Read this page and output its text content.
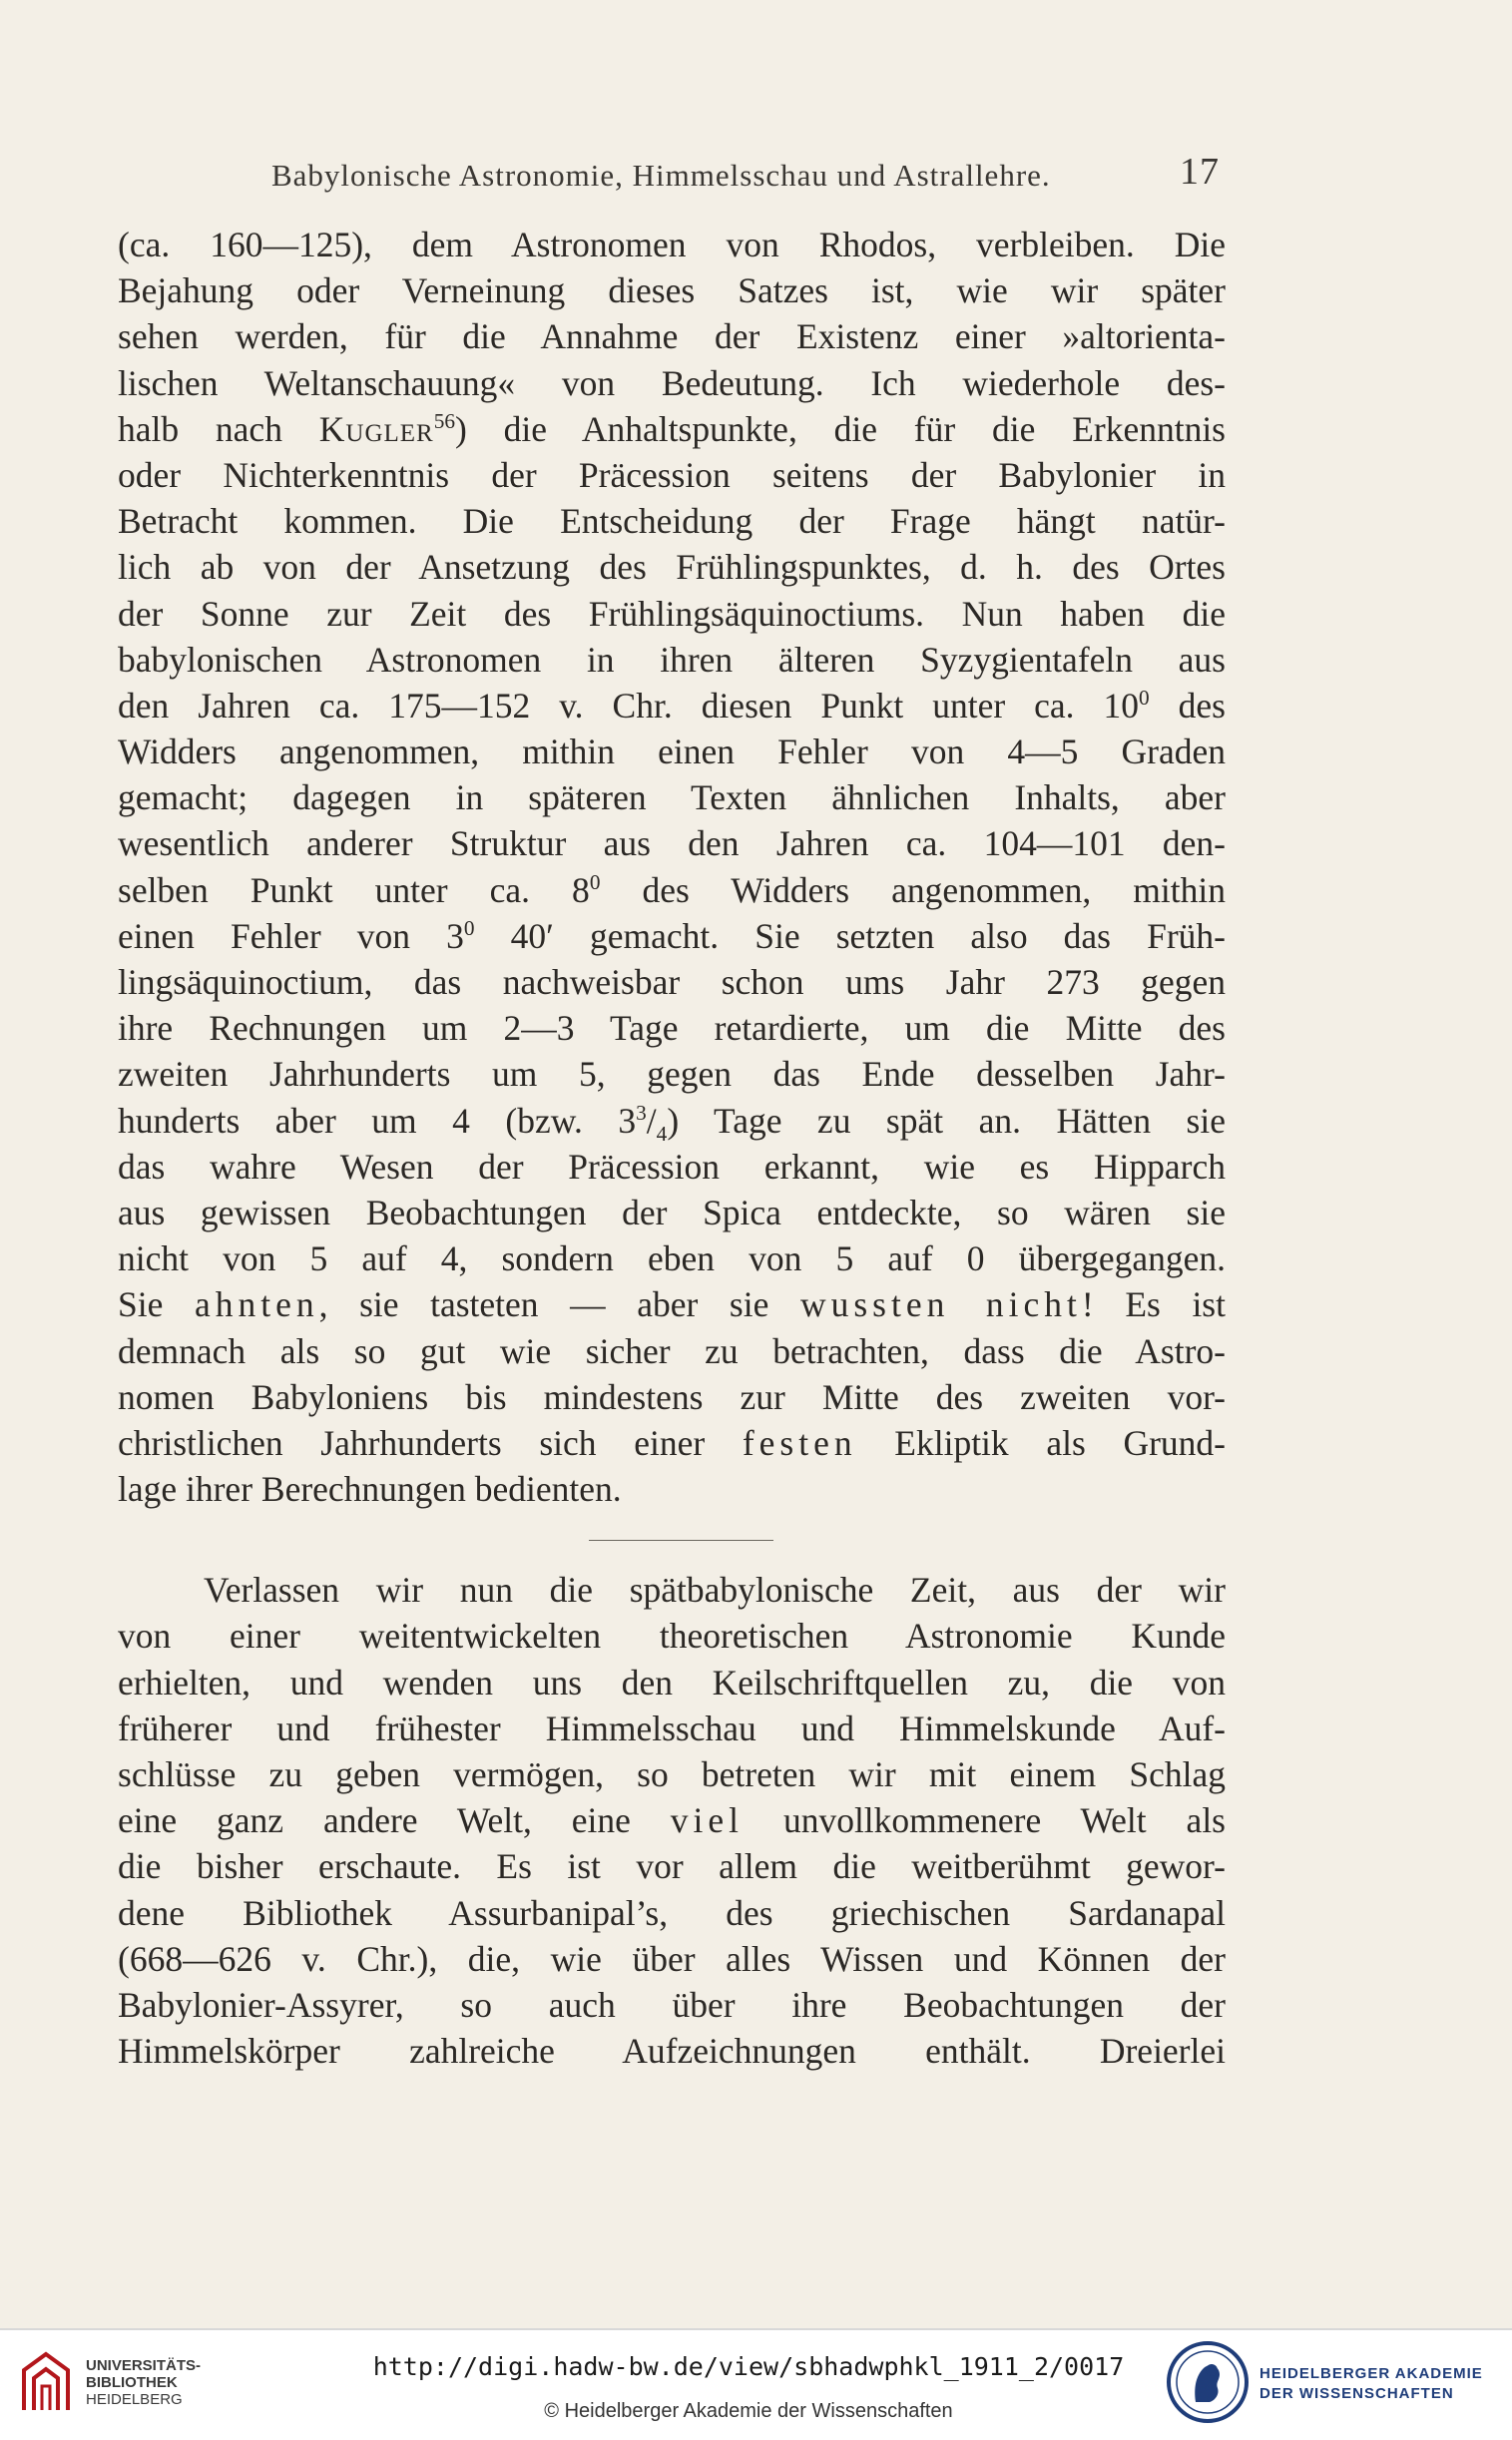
Babylonische Astronomie, Himmelsschau und Astrallehre.	17
(ca. 160—125), dem Astronomen von Rhodos, verbleiben. Die
Bejahung oder Verneinung dieses Satzes ist, wie wir später
sehen werden, für die Annahme der Existenz einer »altorienta-
lischen Weltanschauung« von Bedeutung. Ich wiederhole des-
halb nach Kugler$^{56}$) die Anhaltspunkte, die für die Erkenntnis
oder Nichterkenntnis der Präcession seitens der Babylonier in
Betracht kommen. Die Entscheidung der Frage hängt natür-
lich ab von der Ansetzung des Frühlingspunktes, d. h. des Ortes
der Sonne zur Zeit des Frühlingsäquinoctiums. Nun haben die
babylonischen Astronomen in ihren älteren Syzygientafeln aus
den Jahren ca. 175—152 v. Chr. diesen Punkt unter ca. $10^0$ des
Widders angenommen, mithin einen Fehler von 4—5 Graden
gemacht; dagegen in späteren Texten ähnlichen Inhalts, aber
wesentlich anderer Struktur aus den Jahren ca. 104—101 den-
selben Punkt unter ca. $8^0$ des Widders angenommen, mithin
einen Fehler von $3^0$ 40′ gemacht. Sie setzten also das Früh-
lingsäquinoctium, das nachweisbar schon ums Jahr 273 gegen
ihre Rechnungen um 2—3 Tage retardierte, um die Mitte des
zweiten Jahrhunderts um 5, gegen das Ende desselben Jahr-
hunderts aber um 4 (bzw. $3^3/_4$) Tage zu spät an. Hätten sie
das wahre Wesen der Präcession erkannt, wie es Hipparch
aus gewissen Beobachtungen der Spica entdeckte, so wären sie
nicht von 5 auf 4, sondern eben von 5 auf 0 übergegangen.
Sie ahnten, sie tasteten — aber sie wussten nicht! Es ist
demnach als so gut wie sicher zu betrachten, dass die Astro-
nomen Babyloniens bis mindestens zur Mitte des zweiten vor-
christlichen Jahrhunderts sich einer festen Ekliptik als Grund-
lage ihrer Berechnungen bedienten.
Verlassen wir nun die spätbabylonische Zeit, aus der wir
von einer weitentwickelten theoretischen Astronomie Kunde
erhielten, und wenden uns den Keilschriftquellen zu, die von
früherer und frühester Himmelsschau und Himmelskunde Auf-
schlüsse zu geben vermögen, so betreten wir mit einem Schlag
eine ganz andere Welt, eine viel unvollkommenere Welt als
die bisher erschaute. Es ist vor allem die weitberühmt gewor-
dene Bibliothek Assurbanipal’s, des griechischen Sardanapal
(668—626 v. Chr.), die, wie über alles Wissen und Können der
Babylonier-Assyrer, so auch über ihre Beobachtungen der
Himmelskörper zahlreiche Aufzeichnungen enthält. Dreierlei
UNIVERSITÄTS-
BIBLIOTHEK
HEIDELBERG
http://digi.hadw-bw.de/view/sbhadwphkl_1911_2/0017
© Heidelberger Akademie der Wissenschaften
HEIDELBERGER AKADEMIE
DER WISSENSCHAFTEN
